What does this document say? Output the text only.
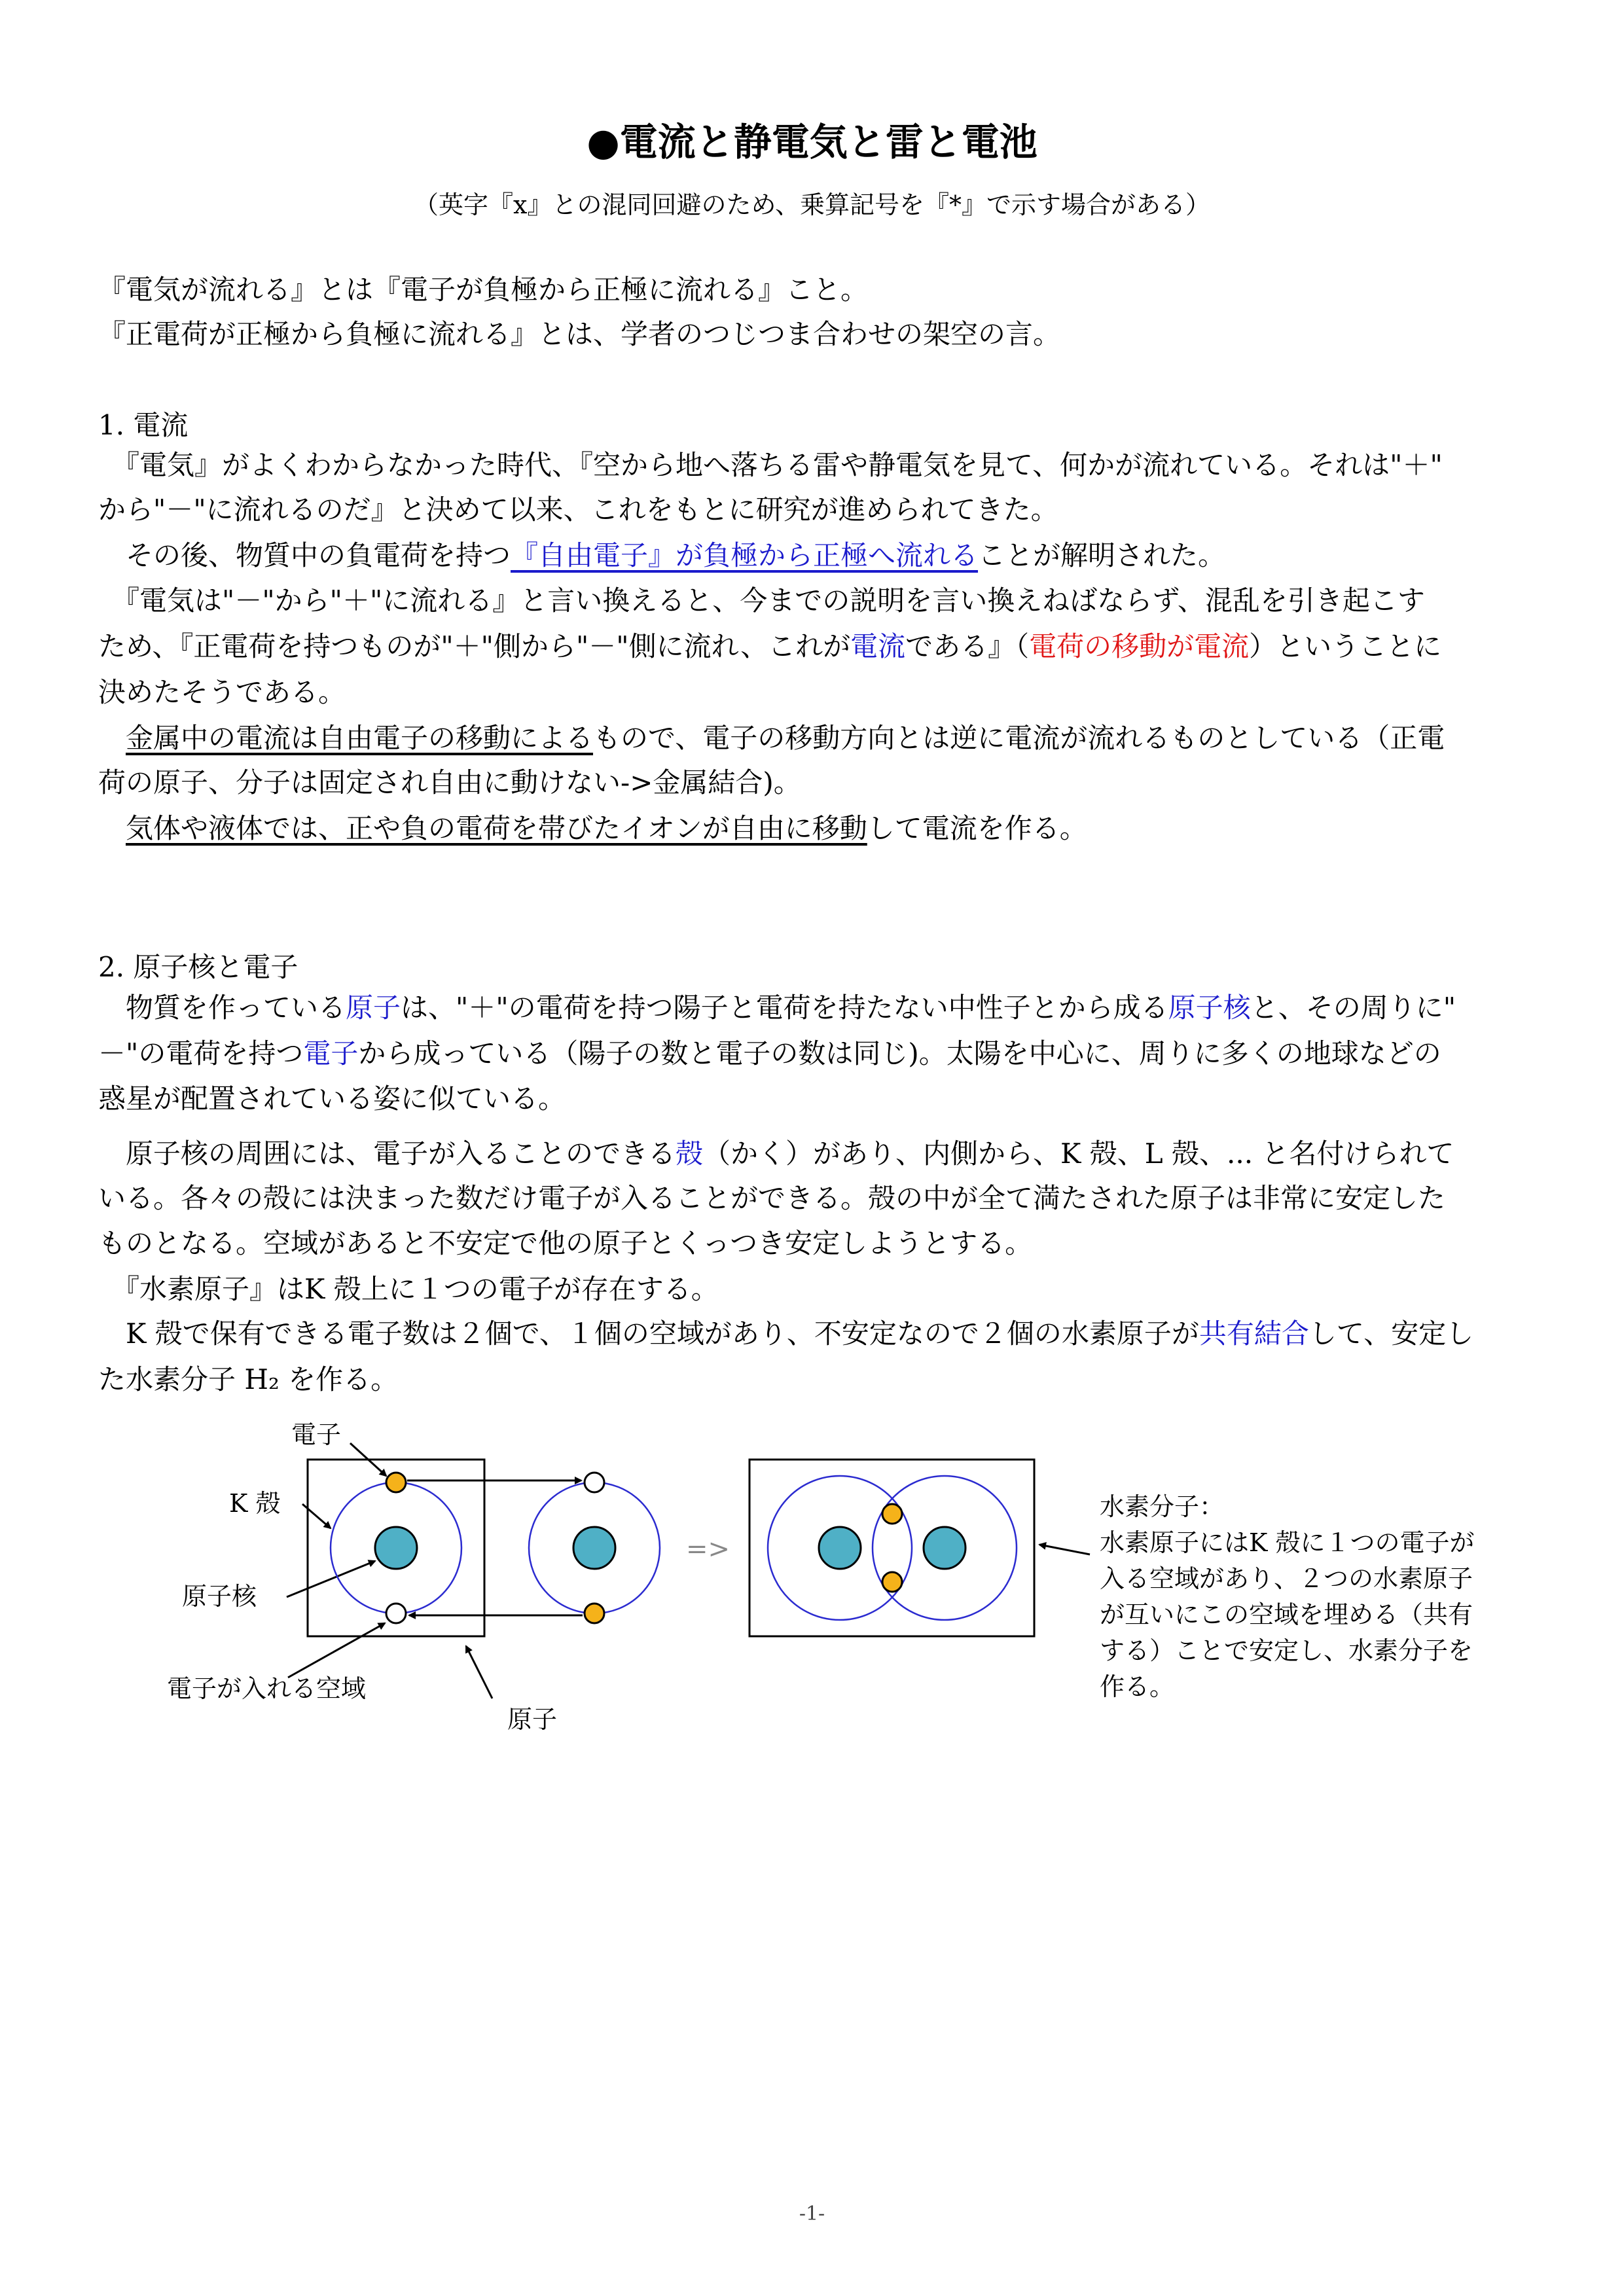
●電流と静電気と雷と電池
（英字『x』との混同回避のため、乗算記号を『*』で示す場合がある）
『電気が流れる』とは『電子が負極から正極に流れる』こと。
『正電荷が正極から負極に流れる』とは、学者のつじつま合わせの架空の言。
1. 電流
　『電気』がよくわからなかった時代、『空から地へ落ちる雷や静電気を見て、何かが流れている。それは"＋"
から"－"に流れるのだ』と決めて以来、これをもとに研究が進められてきた。
　その後、物質中の負電荷を持つ『自由電子』が負極から正極へ流れることが解明された。
　『電気は"－"から"＋"に流れる』と言い換えると、今までの説明を言い換えねばならず、混乱を引き起こす
ため、『正電荷を持つものが"＋"側から"－"側に流れ、これが電流である』（電荷の移動が電流）ということに
決めたそうである。
　金属中の電流は自由電子の移動によるもので、電子の移動方向とは逆に電流が流れるものとしている（正電
荷の原子、分子は固定され自由に動けない->金属結合)。
　気体や液体では、正や負の電荷を帯びたイオンが自由に移動して電流を作る。
2. 原子核と電子
　物質を作っている原子は、"＋"の電荷を持つ陽子と電荷を持たない中性子とから成る原子核と、その周りに"
－"の電荷を持つ電子から成っている（陽子の数と電子の数は同じ)。太陽を中心に、周りに多くの地球などの
惑星が配置されている姿に似ている。
　原子核の周囲には、電子が入ることのできる殻（かく）があり、内側から、K 殻、L 殻、... と名付けられて
いる。各々の殻には決まった数だけ電子が入ることができる。殻の中が全て満たされた原子は非常に安定した
ものとなる。空域があると不安定で他の原子とくっつき安定しようとする。
　『水素原子』はK 殻上に１つの電子が存在する。
　K 殻で保有できる電子数は２個で、１個の空域があり、不安定なので２個の水素原子が共有結合して、安定し
た水素分子 H₂ を作る。
電子
K 殻
原子核
電子が入れる空域
原子
=>
水素分子：
水素原子にはK 殻に１つの電子が
入る空域があり、２つの水素原子
が互いにこの空域を埋める（共有
する）ことで安定し、水素分子を
作る。
-1-
